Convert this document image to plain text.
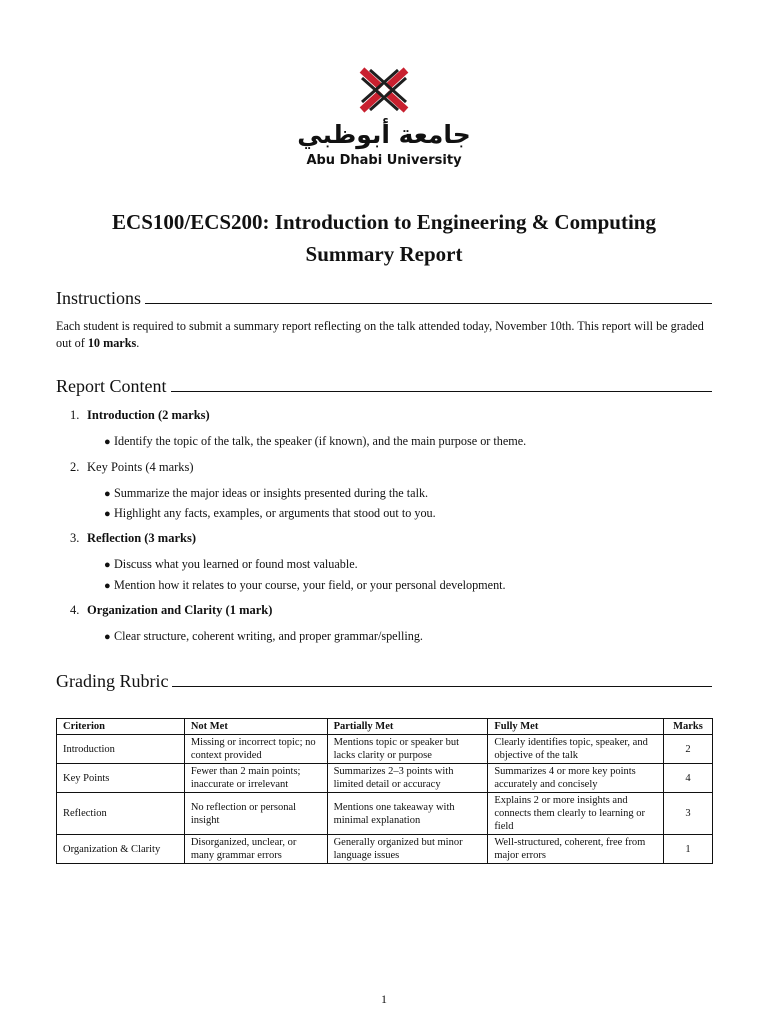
جامعة أبوظبي
Abu Dhabi University
ECS100/ECS200: Introduction to Engineering & Computing
Summary Report
Instructions
Each student is required to submit a summary report reflecting on the talk attended today, November 10th. This report will be graded out of 10 marks.
Report Content
1. Introduction (2 marks)
● Identify the topic of the talk, the speaker (if known), and the main purpose or theme.
2. Key Points (4 marks)
● Summarize the major ideas or insights presented during the talk.
● Highlight any facts, examples, or arguments that stood out to you.
3. Reflection (3 marks)
● Discuss what you learned or found most valuable.
● Mention how it relates to your course, your field, or your personal development.
4. Organization and Clarity (1 mark)
● Clear structure, coherent writing, and proper grammar/spelling.
Grading Rubric
Criterion	Not Met	Partially Met	Fully Met	Marks
Introduction	Missing or incorrect topic; no context provided	Mentions topic or speaker but lacks clarity or purpose	Clearly identifies topic, speaker, and objective of the talk	2
Key Points	Fewer than 2 main points; inaccurate or irrelevant	Summarizes 2–3 points with limited detail or accuracy	Summarizes 4 or more key points accurately and concisely	4
Reflection	No reflection or personal insight	Mentions one takeaway with minimal explanation	Explains 2 or more insights and connects them clearly to learning or field	3
Organization & Clarity	Disorganized, unclear, or many grammar errors	Generally organized but minor language issues	Well-structured, coherent, free from major errors	1
1
